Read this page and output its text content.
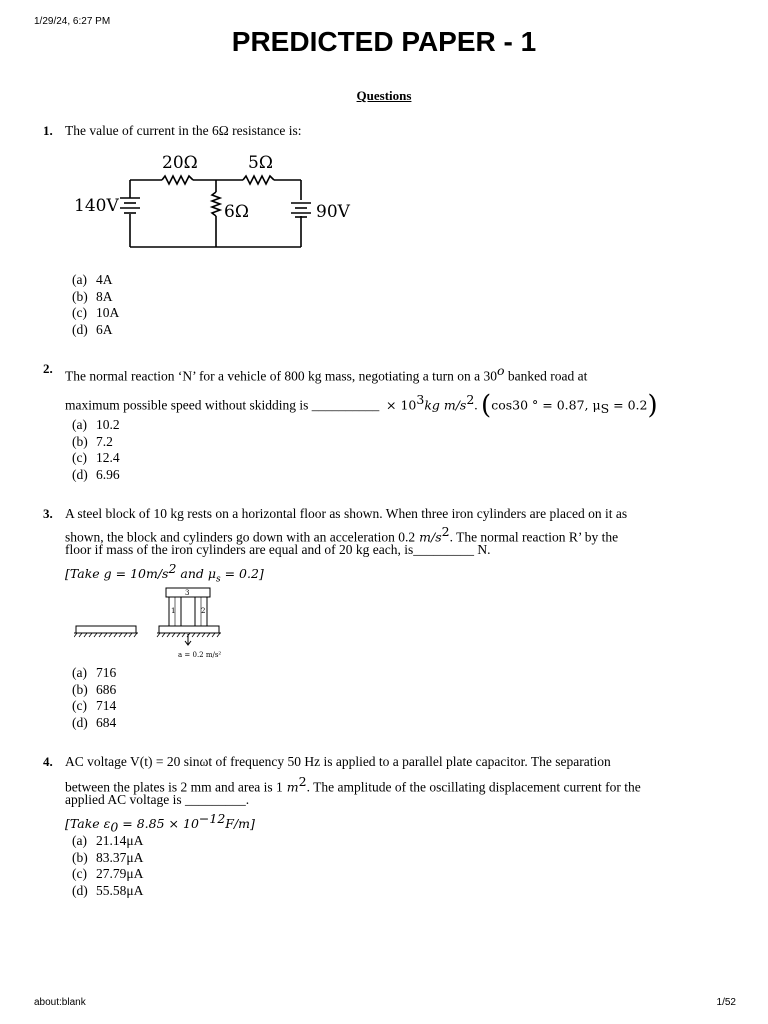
1/29/24, 6:27 PM
PREDICTED PAPER - 1
Questions
1. The value of current in the 6Ω resistance is:
20Ω	5Ω
6Ω
140V	90V
(a) 4A
(b) 8A
(c) 10A
(d) 6A
2. The normal reaction ‘N’ for a vehicle of 800 kg mass, negotiating a turn on a 30$^o$ banked road at
maximum possible speed without skidding is __________ × $10^3kg$ $m/s^2$. (cos30 ° = 0.87, $\mu_S = 0.2$)
(a) 10.2
(b) 7.2
(c) 12.4
(d) 6.96
3. A steel block of 10 kg rests on a horizontal floor as shown. When three iron cylinders are placed on it as
shown, the block and cylinders go down with an acceleration 0.2 $m/s^2$. The normal reaction R’ by the
floor if mass of the iron cylinders are equal and of 20 kg each, is_________ N.
[Take $g = 10m/s^2$ and $\mu_s = 0.2$]
3
1	2
a = 0.2 m/s²
(a) 716
(b) 686
(c) 714
(d) 684
4. AC voltage V(t) = 20 sinωt of frequency 50 Hz is applied to a parallel plate capacitor. The separation
between the plates is 2 mm and area is 1 $m^2$. The amplitude of the oscillating displacement current for the
applied AC voltage is _________.
[Take $\varepsilon_0 = 8.85 \times 10^{-12}F/m$]
(a) 21.14μA
(b) 83.37μA
(c) 27.79μA
(d) 55.58μA
about:blank	1/52
